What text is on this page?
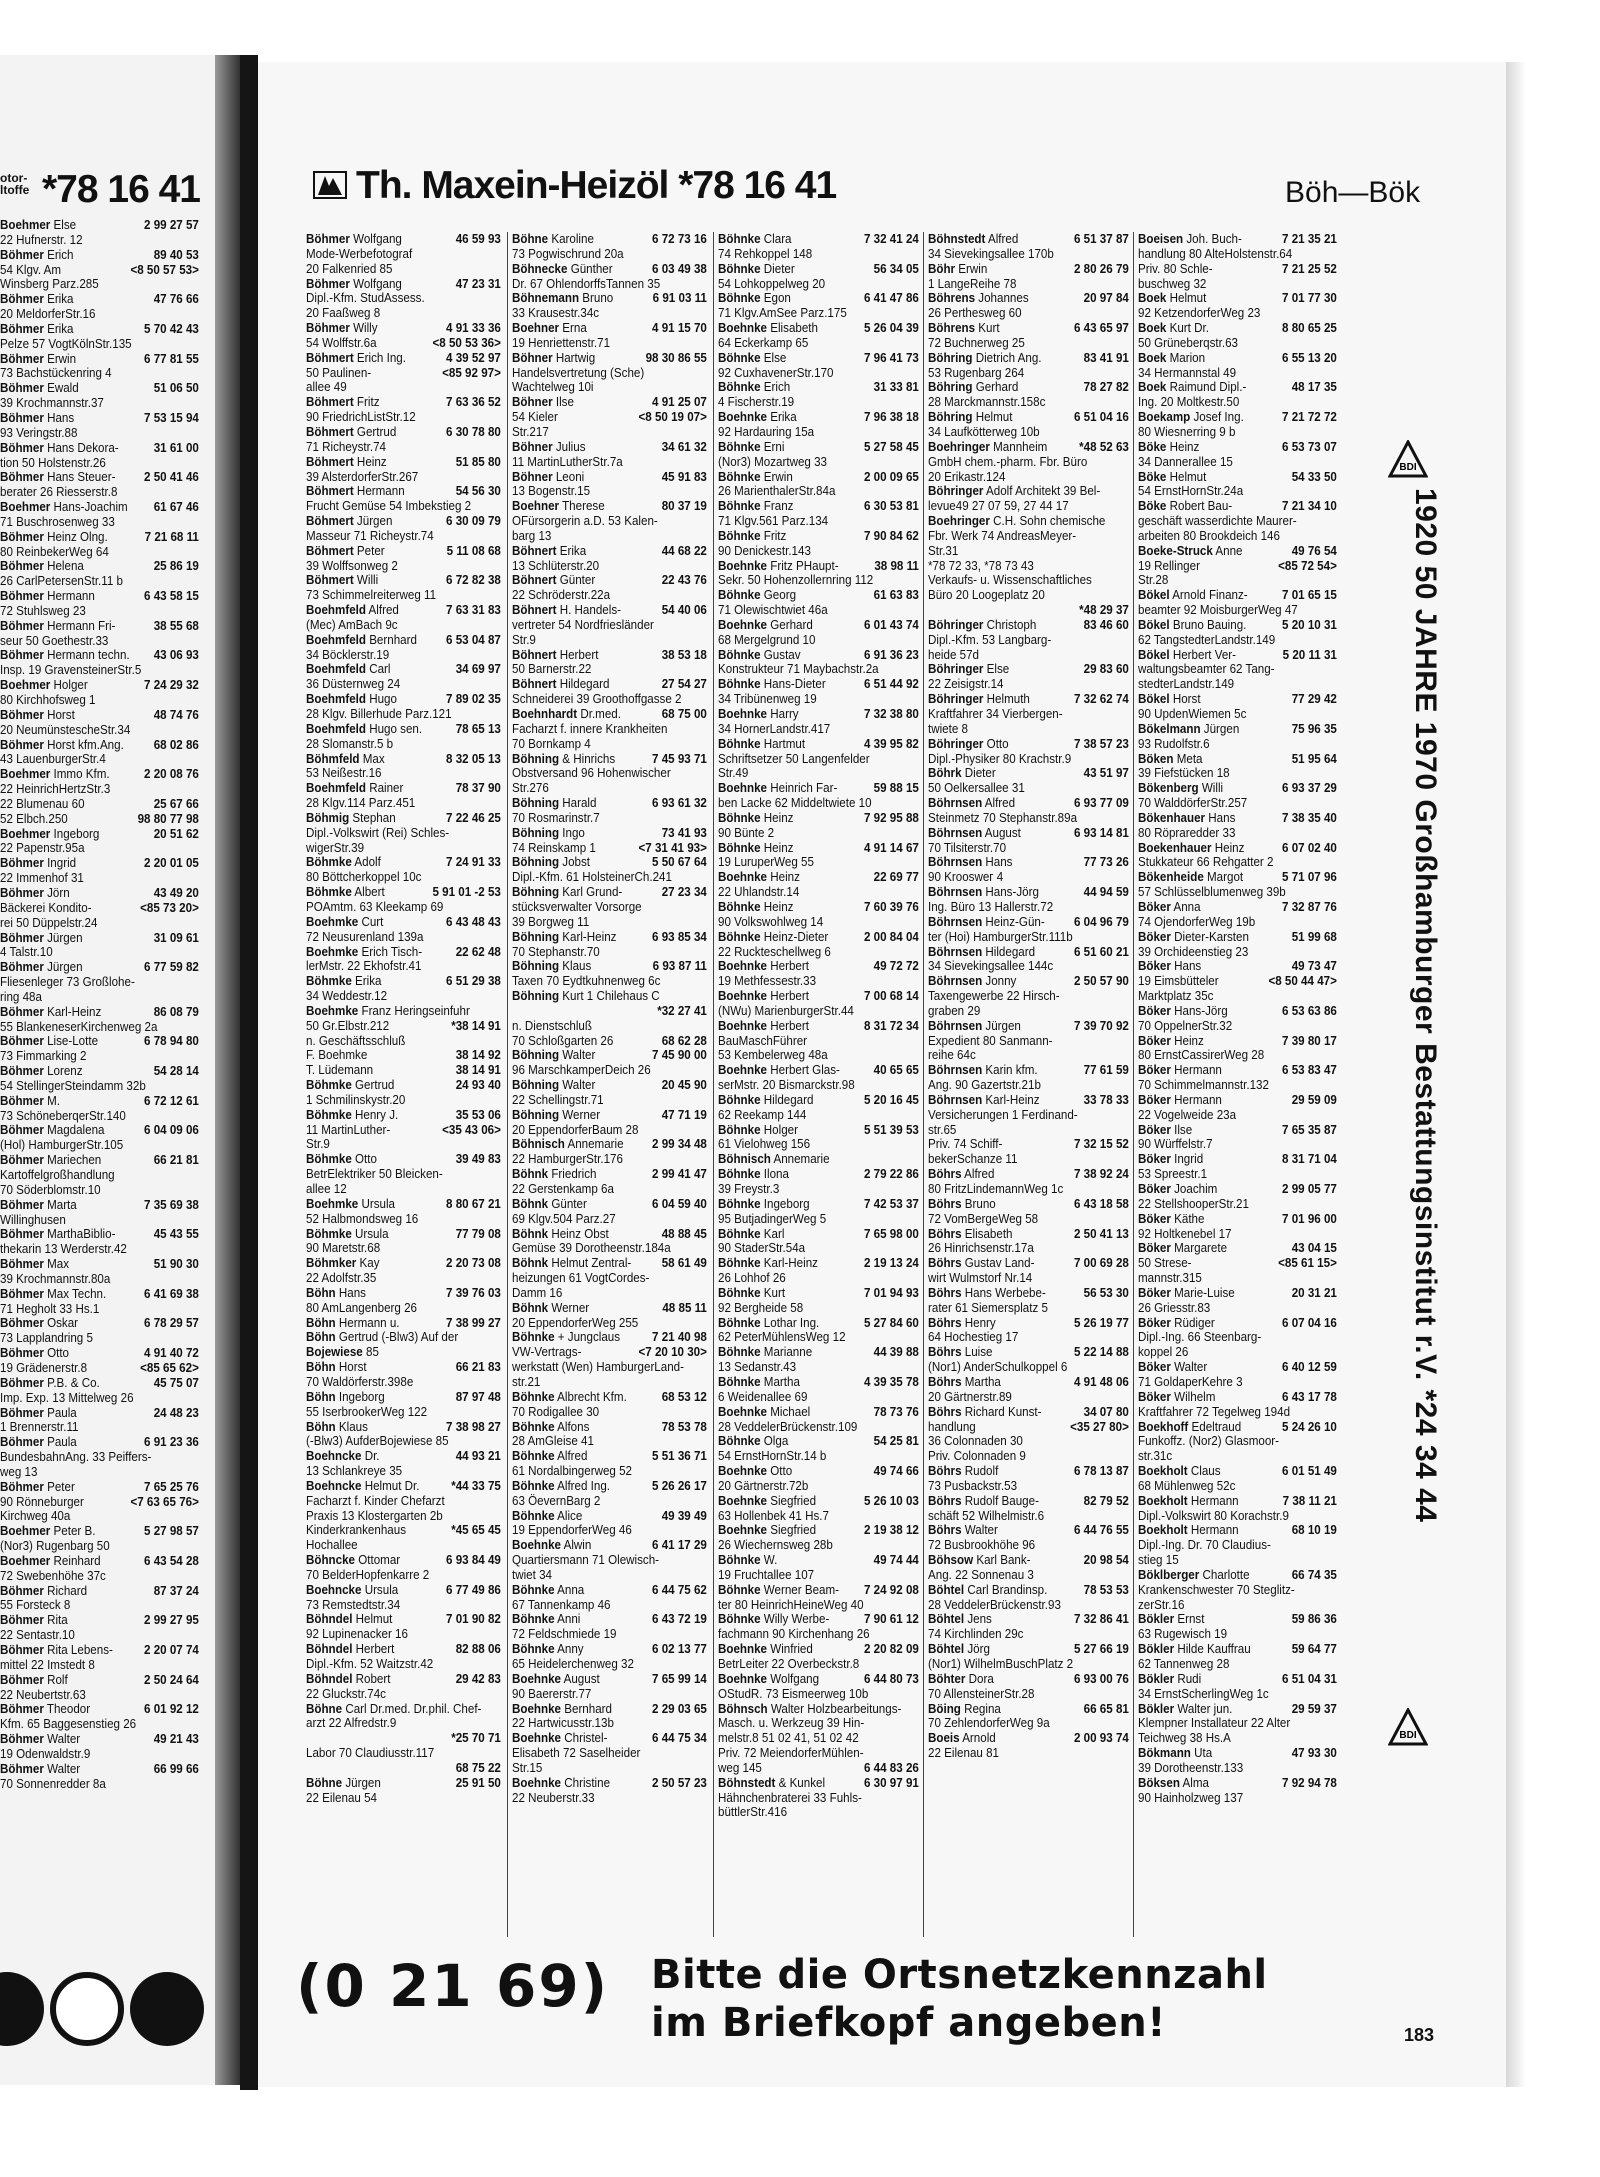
otor- ltoffe *78 16 41	Th. Maxein-Heizöl *78 16 41	Böh—Bök
Boehmer Else	2 99 27 57
22 Hufnerstr. 12
Böhmer Erich	89 40 53
54 Klgv. Am	<8 50 57 53>
Winsberg Parz.285
Böhmer Erika	47 76 66
20 MeldorferStr.16
Böhmer Erika	5 70 42 43
Pelze 57 VogtKölnStr.135
Böhmer Erwin	6 77 81 55
73 Bachstückenring 4
Böhmer Ewald	51 06 50
39 Krochmannstr.37
Böhmer Hans	7 53 15 94
93 Veringstr.88
Böhmer Hans Dekora-	31 61 00
tion 50 Holstenstr.26
Böhmer Hans Steuer- 2 50 41 46
berater 26 Riesserstr.8
Boehmer Hans-Joachim 61 67 46
71 Buschrosenweg 33
Böhmer Heinz Olng.	7 21 68 11
80 ReinbekerWeg 64
Böhmer Helena	25 86 19
26 CarlPetersenStr.11 b
Böhmer Hermann	6 43 58 15
72 Stuhlsweg 23
Böhmer Hermann Fri-	38 55 68
seur 50 Goethestr.33
Böhmer Hermann techn. 43 06 93
Insp. 19 GravensteinerStr.5
Boehmer Holger	7 24 29 32
80 Kirchhofsweg 1
Böhmer Horst	48 74 76
20 NeumünstescheStr.34
Böhmer Horst kfm.Ang. 68 02 86
43 LauenburgerStr.4
Boehmer Immo Kfm.	2 20 08 76
22 HeinrichHertzStr.3
22 Blumenau 60	25 67 66
52 Elbch.250	98 80 77 98
Boehmer Ingeborg	20 51 62
22 Papenstr.95a
Böhmer Ingrid	2 20 01 05
22 Immenhof 31
Böhmer Jörn	43 49 20
Bäckerei Kondito-	<85 73 20>
rei 50 Düppelstr.24
Böhmer Jürgen	31 09 61
4 Talstr.10
Böhmer Jürgen	6 77 59 82
Fliesenleger 73 Großlohe-
ring 48a
Böhmer Karl-Heinz	86 08 79
55 BlankeneserKirchenweg 2a
Böhmer Lise-Lotte	6 78 94 80
73 Fimmarking 2
Böhmer Lorenz	54 28 14
54 StellingerSteindamm 32b
Böhmer M.	6 72 12 61
73 SchöneberqerStr.140
Böhmer Magdalena	6 04 09 06
(Hol) HamburgerStr.105
Böhmer Mariechen	66 21 81
Kartoffelgroßhandlung
70 Söderblomstr.10
Böhmer Marta	7 35 69 38
Willinghusen
Böhmer MarthaBiblio-	45 43 55
thekarin 13 Werderstr.42
Böhmer Max	51 90 30
39 Krochmannstr.80a
Böhmer Max Techn.	6 41 69 38
71 Hegholt 33 Hs.1
Böhmer Oskar	6 78 29 57
73 Lapplandring 5
Böhmer Otto	4 91 40 72
19 Grädenerstr.8	<85 65 62>
Böhmer P.B. & Co.	45 75 07
Imp. Exp. 13 Mittelweg 26
Böhmer Paula	24 48 23
1 Brennerstr.11
Böhmer Paula	6 91 23 36
BundesbahnAng. 33 Peiffers-
weg 13
Böhmer Peter	7 65 25 76
90 Rönneburger	<7 63 65 76>
Kirchweg 40a
Boehmer Peter B.	5 27 98 57
(Nor3) Rugenbarg 50
Boehmer Reinhard	6 43 54 28
72 Swebenhöhe 37c
Böhmer Richard	87 37 24
55 Forsteck 8
Böhmer Rita	2 99 27 95
22 Sentastr.10
Böhmer Rita Lebens- 2 20 07 74
mittel 22 Imstedt 8
Böhmer Rolf	2 50 24 64
22 Neubertstr.63
Böhmer Theodor	6 01 92 12
Kfm. 65 Baggesenstieg 26
Böhmer Walter	49 21 43
19 Odenwaldstr.9
Böhmer Walter	66 99 66
70 Sonnenredder 8a
Böhmer Wolfgang	46 59 93
Mode-Werbefotograf
20 Falkenried 85
Böhmer Wolfgang	47 23 31
Dipl.-Kfm. StudAssess.
20 Faaßweg 8
Böhmer Willy	4 91 33 36
54 Wolffstr.6a	<8 50 53 36>
Böhmert Erich Ing.	4 39 52 97
50 Paulinen-	<85 92 97>
allee 49
Böhmert Fritz	7 63 36 52
90 FriedrichListStr.12
Böhmert Gertrud	6 30 78 80
71 Richeystr.74
Böhmert Heinz	51 85 80
39 AlsterdorferStr.267
Böhmert Hermann	54 56 30
Frucht Gemüse 54 Imbekstieg 2
Böhmert Jürgen	6 30 09 79
Masseur 71 Richeystr.74
Böhmert Peter	5 11 08 68
39 Wolffsonweg 2
Böhmert Willi	6 72 82 38
73 Schimmelreiterweg 11
Boehmfeld Alfred	7 63 31 83
(Mec) AmBach 9c
Boehmfeld Bernhard 6 53 04 87
34 Böcklerstr.19
Boehmfeld Carl	34 69 97
36 Düsternweg 24
Boehmfeld Hugo	7 89 02 35
28 Klgv. Billerhude Parz.121
Boehmfeld Hugo sen.	78 65 13
28 Slomanstr.5 b
Böhmfeld Max	8 32 05 13
53 Neißestr.16
Boehmfeld Rainer	78 37 90
28 Klgv.114 Parz.451
Böhmig Stephan	7 22 46 25
Dipl.-Volkswirt (Rei) Schles-
wigerStr.39
Böhmke Adolf	7 24 91 33
80 Böttcherkoppel 10c
Böhmke Albert	5 91 01 -2 53
POAmtm. 63 Kleekamp 69
Boehmke Curt	6 43 48 43
72 Neusurenland 139a
Boehmke Erich Tisch-	22 62 48
lerMstr. 22 Ekhofstr.41
Böhmke Erika	6 51 29 38
34 Weddestr.12
Boehmke Franz Heringseinfuhr
50 Gr.Elbstr.212	*38 14 91
n. Geschäftsschluß
F. Boehmke	38 14 92
T. Lüdemann	38 14 91
Böhmke Gertrud	24 93 40
1 Schmilinskystr.20
Böhmke Henry J.	35 53 06
11 MartinLuther-	<35 43 06>
Str.9
Böhmke Otto	39 49 83
BetrElektriker 50 Bleicken-
allee 12
Boehmke Ursula	8 80 67 21
52 Halbmondsweg 16
Böhmke Ursula	77 79 08
90 Maretstr.68
Böhmker Kay	2 20 73 08
22 Adolfstr.35
Böhn Hans	7 39 76 03
80 AmLangenberg 26
Böhn Hermann u.	7 38 99 27
Böhn Gertrud (-Blw3) Auf der
Bojewiese 85
Böhn Horst	66 21 83
70 Waldörferstr.398e
Böhn Ingeborg	87 97 48
55 IserbrookerWeg 122
Böhn Klaus	7 38 98 27
(-Blw3) AufderBojewiese 85
Boehncke Dr.	44 93 21
13 Schlankreye 35
Boehncke Helmut Dr. *44 33 75
Facharzt f. Kinder Chefarzt
Praxis 13 Klostergarten 2b
Kinderkrankenhaus	*45 65 45
Hochallee
Böhncke Ottomar	6 93 84 49
70 BelderHopfenkarre 2
Boehncke Ursula	6 77 49 86
73 Remstedtstr.34
Böhndel Helmut	7 01 90 82
92 Lupinenacker 16
Böhndel Herbert	82 88 06
Dipl.-Kfm. 52 Waitzstr.42
Böhndel Robert	29 42 83
22 Gluckstr.74c
Böhne Carl Dr.med. Dr.phil. Chef-
arzt 22 Alfredstr.9
*25 70 71
Labor 70 Claudiusstr.117
68 75 22
Böhne Jürgen	25 91 50
22 Eilenau 54
Böhne Karoline	6 72 73 16
73 Pogwischrund 20a
Böhnecke Günther	6 03 49 38
Dr. 67 OhlendorffsTannen 35
Böhnemann Bruno	6 91 03 11
33 Krausestr.34c
Boehner Erna	4 91 15 70
19 Henriettenstr.71
Böhner Hartwig	98 30 86 55
Handelsvertretung (Sche)
Wachtelweg 10i
Böhner Ilse	4 91 25 07
54 Kieler	<8 50 19 07>
Str.217
Böhner Julius	34 61 32
11 MartinLutherStr.7a
Böhner Leoni	45 91 83
13 Bogenstr.15
Boehner Therese	80 37 19
OFürsorgerin a.D. 53 Kalen-
barg 13
Böhnert Erika	44 68 22
13 Schlüterstr.20
Böhnert Günter	22 43 76
22 Schröderstr.22a
Böhnert H. Handels-	54 40 06
vertreter 54 Nordfriesländer
Str.9
Böhnert Herbert	38 53 18
50 Barnerstr.22
Böhnert Hildegard	27 54 27
Schneiderei 39 Groothoffgasse 2
Boehnhardt Dr.med.	68 75 00
Facharzt f. innere Krankheiten
70 Bornkamp 4
Böhning & Hinrichs	7 45 93 71
Obstversand 96 Hohenwischer
Str.276
Böhning Harald	6 93 61 32
70 Rosmarinstr.7
Böhning Ingo	73 41 93
74 Reinskamp 1	<7 31 41 93>
Böhning Jobst	5 50 67 64
Dipl.-Kfm. 61 HolsteinerCh.241
Böhning Karl Grund-	27 23 34
stücksverwalter Vorsorge
39 Borgweg 11
Böhning Karl-Heinz	6 93 85 34
70 Stephanstr.70
Böhning Klaus	6 93 87 11
Taxen 70 Eydtkuhnenweg 6c
Böhning Kurt 1 Chilehaus C
*32 27 41
n. Dienstschluß
70 Schloßgarten 26	68 62 28
Böhning Walter	7 45 90 00
96 MarschkamperDeich 26
Böhning Walter	20 45 90
22 Schellingstr.71
Böhning Werner	47 71 19
20 EppendorferBaum 28
Böhnisch Annemarie 2 99 34 48
22 HamburgerStr.176
Böhnk Friedrich	2 99 41 47
22 Gerstenkamp 6a
Böhnk Günter	6 04 59 40
69 Klgv.504 Parz.27
Böhnk Heinz Obst	48 88 45
Gemüse 39 Dorotheenstr.184a
Böhnk Helmut Zentral- 58 61 49
heizungen 61 VogtCordes-
Damm 16
Böhnk Werner	48 85 11
20 EppendorferWeg 255
Böhnke + Jungclaus 7 21 40 98
VW-Vertrags-	<7 20 10 30>
werkstatt (Wen) HamburgerLand-
str.21
Böhnke Albrecht Kfm.	68 53 12
70 Rodigallee 30
Böhnke Alfons	78 53 78
28 AmGleise 41
Böhnke Alfred	5 51 36 71
61 Nordalbingerweg 52
Böhnke Alfred Ing.	5 26 26 17
63 ÖevernBarg 2
Böhnke Alice	49 39 49
19 EppendorferWeg 46
Boehnke Alwin	6 41 17 29
Quartiersmann 71 Olewisch-
twiet 34
Böhnke Anna	6 44 75 62
67 Tannenkamp 46
Böhnke Anni	6 43 72 19
72 Feldschmiede 19
Böhnke Anny	6 02 13 77
65 Heidelerchenweg 32
Boehnke August	7 65 99 14
90 Baererstr.77
Boehnke Bernhard	2 29 03 65
22 Hartwicusstr.13b
Boehnke Christel-	6 44 75 34
Elisabeth 72 Saselheider
Str.15
Boehnke Christine	2 50 57 23
22 Neuberstr.33
Böhnke Clara	7 32 41 24
74 Rehkoppel 148
Böhnke Dieter	56 34 05
54 Lohkoppelweg 20
Böhnke Egon	6 41 47 86
71 Klgv.AmSee Parz.175
Boehnke Elisabeth	5 26 04 39
64 Eckerkamp 65
Böhnke Else	7 96 41 73
92 CuxhavenerStr.170
Böhnke Erich	31 33 81
4 Fischerstr.19
Boehnke Erika	7 96 38 18
92 Hardauring 15a
Böhnke Erni	5 27 58 45
(Nor3) Mozartweg 33
Böhnke Erwin	2 00 09 65
26 MarienthalerStr.84a
Böhnke Franz	6 30 53 81
71 Klgv.561 Parz.134
Böhnke Fritz	7 90 84 62
90 Denickestr.143
Boehnke Fritz PHaupt-	38 98 11
Sekr. 50 Hohenzollernring 112
Böhnke Georg	61 63 83
71 Olewischtwiet 46a
Boehnke Gerhard	6 01 43 74
68 Mergelgrund 10
Böhnke Gustav	6 91 36 23
Konstrukteur 71 Maybachstr.2a
Böhnke Hans-Dieter	6 51 44 92
34 Tribünenweg 19
Boehnke Harry	7 32 38 80
34 HornerLandstr.417
Böhnke Hartmut	4 39 95 82
Schriftsetzer 50 Langenfelder
Str.49
Boehnke Heinrich Far-	59 88 15
ben Lacke 62 Middeltwiete 10
Böhnke Heinz	7 92 95 88
90 Bünte 2
Böhnke Heinz	4 91 14 67
19 LuruperWeg 55
Boehnke Heinz	22 69 77
22 Uhlandstr.14
Böhnke Heinz	7 60 39 76
90 Volkswohlweg 14
Böhnke Heinz-Dieter	2 00 84 04
22 Ruckteschellweg 6
Boehnke Herbert	49 72 72
19 Methfessestr.33
Boehnke Herbert	7 00 68 14
(NWu) MarienburgerStr.44
Boehnke Herbert	8 31 72 34
BauMaschFührer
53 Kembelerweg 48a
Boehnke Herbert Glas-	40 65 65
serMstr. 20 Bismarckstr.98
Böhnke Hildegard	5 20 16 45
62 Reekamp 144
Böhnke Holger	5 51 39 53
61 Vielohweg 156
Böhnisch Annemarie
Böhnke Ilona	2 79 22 86
39 Freystr.3
Böhnke Ingeborg	7 42 53 37
95 ButjadingerWeg 5
Böhnke Karl	7 65 98 00
90 StaderStr.54a
Böhnke Karl-Heinz	2 19 13 24
26 Lohhof 26
Böhnke Kurt	7 01 94 93
92 Bergheide 58
Böhnke Lothar Ing.	5 27 84 60
62 PeterMühlensWeg 12
Böhnke Marianne	44 39 88
13 Sedanstr.43
Böhnke Martha	4 39 35 78
6 Weidenallee 69
Boehnke Michael	78 73 76
28 VeddelerBrückenstr.109
Böhnke Olga	54 25 81
54 ErnstHornStr.14 b
Boehnke Otto	49 74 66
20 Gärtnerstr.72b
Boehnke Siegfried	5 26 10 03
63 Hollenbek 41 Hs.7
Boehnke Siegfried	2 19 38 12
26 Wiechernsweg 28b
Böhnke W.	49 74 44
19 Fruchtallee 107
Böhnke Werner Beam- 7 24 92 08
ter 80 HeinrichHeineWeg 40
Böhnke Willy Werbe-	7 90 61 12
fachmann 90 Kirchenhang 26
Boehnke Winfried	2 20 82 09
BetrLeiter 22 Overbeckstr.8
Boehnke Wolfgang	6 44 80 73
OStudR. 73 Eismeerweg 10b
Böhnsch Walter Holzbearbeitungs-
Masch. u. Werkzeug 39 Hin-
melstr.8 51 02 41, 51 02 42
Priv. 72 MeiendorferMühlen-
weg 145	6 44 83 26
Böhnstedt & Kunkel	6 30 97 91
Hähnchenbraterei 33 Fuhls-
büttlerStr.416
Böhnstedt Alfred	6 51 37 87
34 Sievekingsallee 170b
Böhr Erwin	2 80 26 79
1 LangeReihe 78
Böhrens Johannes	20 97 84
26 Perthesweg 60
Böhrens Kurt	6 43 65 97
72 Buchnerweg 25
Böhring Dietrich Ang.	83 41 91
53 Rugenbarg 264
Böhring Gerhard	78 27 82
28 Marckmannstr.158c
Böhring Helmut	6 51 04 16
34 Laufkötterweg 10b
Boehringer Mannheim *48 52 63
GmbH chem.-pharm. Fbr. Büro
20 Erikastr.124
Böhringer Adolf Architekt 39 Bel-
levue49 27 07 59, 27 44 17
Boehringer C.H. Sohn chemische
Fbr. Werk 74 AndreasMeyer-
Str.31
*78 72 33, *78 73 43
Verkaufs- u. Wissenschaftliches
Büro 20 Loogeplatz 20
*48 29 37
Böhringer Christoph	83 46 60
Dipl.-Kfm. 53 Langbarg-
heide 57d
Böhringer Else	29 83 60
22 Zeisigstr.14
Böhringer Helmuth	7 32 62 74
Kraftfahrer 34 Vierbergen-
twiete 8
Böhringer Otto	7 38 57 23
Dipl.-Physiker 80 Krachstr.9
Böhrk Dieter	43 51 97
50 Oelkersallee 31
Böhrnsen Alfred	6 93 77 09
Steinmetz 70 Stephanstr.89a
Böhrnsen August	6 93 14 81
70 Tilsiterstr.70
Böhrnsen Hans	77 73 26
90 Krooswег 4
Böhrnsen Hans-Jörg	44 94 59
Ing. Büro 13 Hallerstr.72
Böhrnsen Heinz-Gün- 6 04 96 79
ter (Hoi) HamburgerStr.111b
Böhrnsen Hildegard	6 51 60 21
34 Sievekingsallee 144c
Böhrnsen Jonny	2 50 57 90
Taxengewerbe 22 Hirsch-
graben 29
Böhrnsen Jürgen	7 39 70 92
Expedient 80 Sanmann-
reihe 64c
Böhrnsen Karin kfm.	77 61 59
Ang. 90 Gazertstr.21b
Böhrnsen Karl-Heinz	33 78 33
Versicherungen 1 Ferdinand-
str.65
Priv. 74 Schiff-	7 32 15 52
bekerSchanze 11
Böhrs Alfred	7 38 92 24
80 FritzLindemannWeg 1c
Böhrs Bruno	6 43 18 58
72 VomBergeWeg 58
Böhrs Elisabeth	2 50 41 13
26 Hinrichsenstr.17a
Böhrs Gustav Land-	7 00 69 28
wirt Wulmstorf Nr.14
Böhrs Hans Werbebe-	56 53 30
rater 61 Siemersplatz 5
Böhrs Henry	5 26 19 77
64 Hochestieg 17
Böhrs Luise	5 22 14 88
(Nor1) AnderSchulkoppel 6
Böhrs Martha	4 91 48 06
20 Gärtnerstr.89
Böhrs Richard Kunst-	34 07 80
handlung	<35 27 80>
36 Colonnaden 30
Priv. Colonnaden 9
Böhrs Rudolf	6 78 13 87
73 Pusbackstr.53
Böhrs Rudolf Bauge-	82 79 52
schäft 52 Wilhelmistr.6
Böhrs Walter	6 44 76 55
72 Busbrookhöhe 96
Böhsow Karl Bank-	20 98 54
Ang. 22 Sonnenau 3
Böhtel Carl Brandinsp.	78 53 53
28 VeddelerBrückenstr.93
Böhtel Jens	7 32 86 41
74 Kirchlinden 29c
Böhtel Jörg	5 27 66 19
(Nor1) WilhelmBuschPlatz 2
Böhter Dora	6 93 00 76
70 AllensteinerStr.28
Böing Regina	66 65 81
70 ZehlendorferWeg 9a
Boeis Arnold	2 00 93 74
22 Eilenau 81
Boeisen Joh. Buch-	7 21 35 21
handlung 80 AlteHolstenstr.64
Priv. 80 Schle-	7 21 25 52
buschweg 32
Boek Helmut	7 01 77 30
92 KetzendorferWeg 23
Boek Kurt Dr.	8 80 65 25
50 Grüneberqstr.63
Boek Marion	6 55 13 20
34 Hermannstal 49
Boek Raimund Dipl.-	48 17 35
Ing. 20 Moltkestr.50
Boekamp Josef Ing.	7 21 72 72
80 Wiesnerring 9 b
Böke Heinz	6 53 73 07
34 Dannerallee 15
Böke Helmut	54 33 50
54 ErnstHornStr.24a
Böke Robert Bau-	7 21 34 10
geschäft wasserdichte Maurer-
arbeiten 80 Brookdeich 146
Boeke-Struck Anne	49 76 54
19 Rellinger	<85 72 54>
Str.28
Bökel Arnold Finanz-	7 01 65 15
beamter 92 MoisburgerWeg 47
Bökel Bruno Bauing.	5 20 10 31
62 TangstedterLandstr.149
Bökel Herbert Ver-	5 20 11 31
waltungsbeamter 62 Tang-
stedterLandstr.149
Bökel Horst	77 29 42
90 UpdenWiemen 5c
Bökelmann Jürgen	75 96 35
93 Rudolfstr.6
Böken Meta	51 95 64
39 Fiefstücken 18
Bökenberg Willi	6 93 37 29
70 WalddörferStr.257
Bökenhauer Hans	7 38 35 40
80 Röpraredder 33
Boekenhauer Heinz	6 07 02 40
Stukkateur 66 Rehgatter 2
Bökenheide Margot	5 71 07 96
57 Schlüsselblumenweg 39b
Böker Anna	7 32 87 76
74 OjendorferWeg 19b
Böker Dieter-Karsten	51 99 68
39 Orchideenstieg 23
Böker Hans	49 73 47
19 Eimsbütteler	<8 50 44 47>
Marktplatz 35c
Böker Hans-Jörg	6 53 63 86
70 OppelnerStr.32
Böker Heinz	7 39 80 17
80 ErnstCassirerWeg 28
Böker Hermann	6 53 83 47
70 Schimmelmannstr.132
Böker Hermann	29 59 09
22 Vogelweide 23a
Böker Ilse	7 65 35 87
90 Würffelstr.7
Böker Ingrid	8 31 71 04
53 Spreestr.1
Böker Joachim	2 99 05 77
22 StellshooperStr.21
Böker Käthe	7 01 96 00
92 Holtkenebel 17
Böker Margarete	43 04 15
50 Strese-	<85 61 15>
mannstr.315
Böker Marie-Luise	20 31 21
26 Griesstr.83
Böker Rüdiger	6 07 04 16
Dipl.-Ing. 66 Steenbarg-
koppel 26
Böker Walter	6 40 12 59
71 GoldaperKehre 3
Böker Wilhelm	6 43 17 78
Kraftfahrer 72 Tegelweg 194d
Boekhoff Edeltraud	5 24 26 10
Funkoffz. (Nor2) Glasmoor-
str.31c
Boekholt Claus	6 01 51 49
68 Mühlenweg 52c
Boekholt Hermann	7 38 11 21
Dipl.-Volkswirt 80 Korachstr.9
Boekholt Hermann	68 10 19
Dipl.-Ing. Dr. 70 Claudius-
stieg 15
Böklberger Charlotte	66 74 35
Krankenschwester 70 Steglitz-
zerStr.16
Bökler Ernst	59 86 36
63 Rugewisch 19
Bökler Hilde Kauffrau	59 64 77
62 Tannenweg 28
Bökler Rudi	6 51 04 31
34 ErnstScherlingWeg 1c
Bökler Walter jun.	29 59 37
Klempner Installateur 22 Alter
Teichweg 38 Hs.A
Bökmann Uta	47 93 30
39 Dorotheenstr.133
Böksen Alma	7 92 94 78
90 Hainholzweg 137
BDI
1920 50 JAHRE 1970 Großhamburger Bestattungsinstitut r.V. *24 34 44
BDI
(0 21 69) Bitte die Ortsnetzkennzahl
im Briefkopf angeben!	183
